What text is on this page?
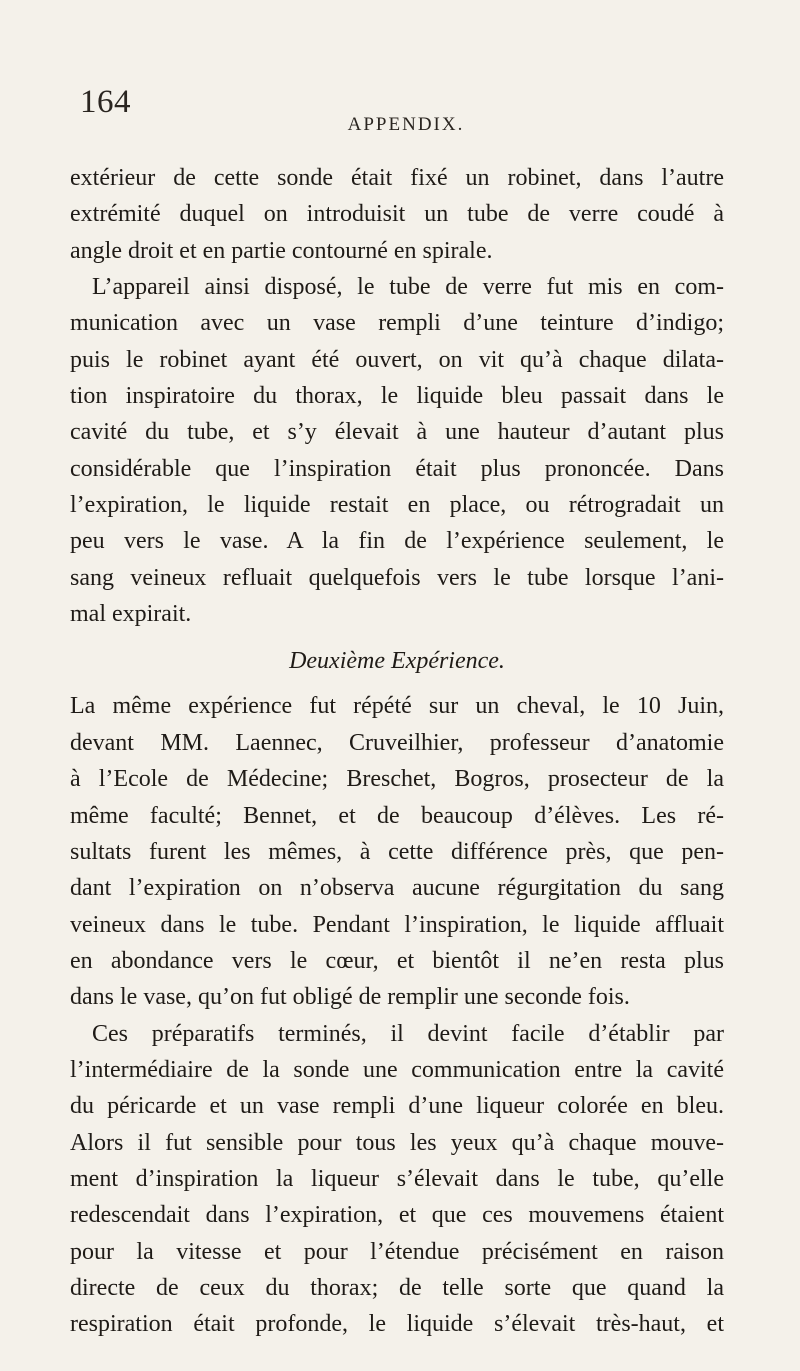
164
APPENDIX.
extérieur de cette sonde était fixé un robinet, dans l’autre
extrémité duquel on introduisit un tube de verre coudé à
angle droit et en partie contourné en spirale.
L’appareil ainsi disposé, le tube de verre fut mis en com-
munication avec un vase rempli d’une teinture d’indigo;
puis le robinet ayant été ouvert, on vit qu’à chaque dilata-
tion inspiratoire du thorax, le liquide bleu passait dans le
cavité du tube, et s’y élevait à une hauteur d’autant plus
considérable que l’inspiration était plus prononcée. Dans
l’expiration, le liquide restait en place, ou rétrogradait un
peu vers le vase. A la fin de l’expérience seulement, le
sang veineux refluait quelquefois vers le tube lorsque l’ani-
mal expirait.
Deuxième Expérience.
La même expérience fut répété sur un cheval, le 10 Juin,
devant MM. Laennec, Cruveilhier, professeur d’anatomie
à l’Ecole de Médecine; Breschet, Bogros, prosecteur de la
même faculté; Bennet, et de beaucoup d’élèves. Les ré-
sultats furent les mêmes, à cette différence près, que pen-
dant l’expiration on n’observa aucune régurgitation du sang
veineux dans le tube. Pendant l’inspiration, le liquide affluait
en abondance vers le cœur, et bientôt il ne’en resta plus
dans le vase, qu’on fut obligé de remplir une seconde fois.
Ces préparatifs terminés, il devint facile d’établir par
l’intermédiaire de la sonde une communication entre la cavité
du péricarde et un vase rempli d’une liqueur colorée en bleu.
Alors il fut sensible pour tous les yeux qu’à chaque mouve-
ment d’inspiration la liqueur s’élevait dans le tube, qu’elle
redescendait dans l’expiration, et que ces mouvemens étaient
pour la vitesse et pour l’étendue précisément en raison
directe de ceux du thorax; de telle sorte que quand la
respiration était profonde, le liquide s’élevait très-haut, et
